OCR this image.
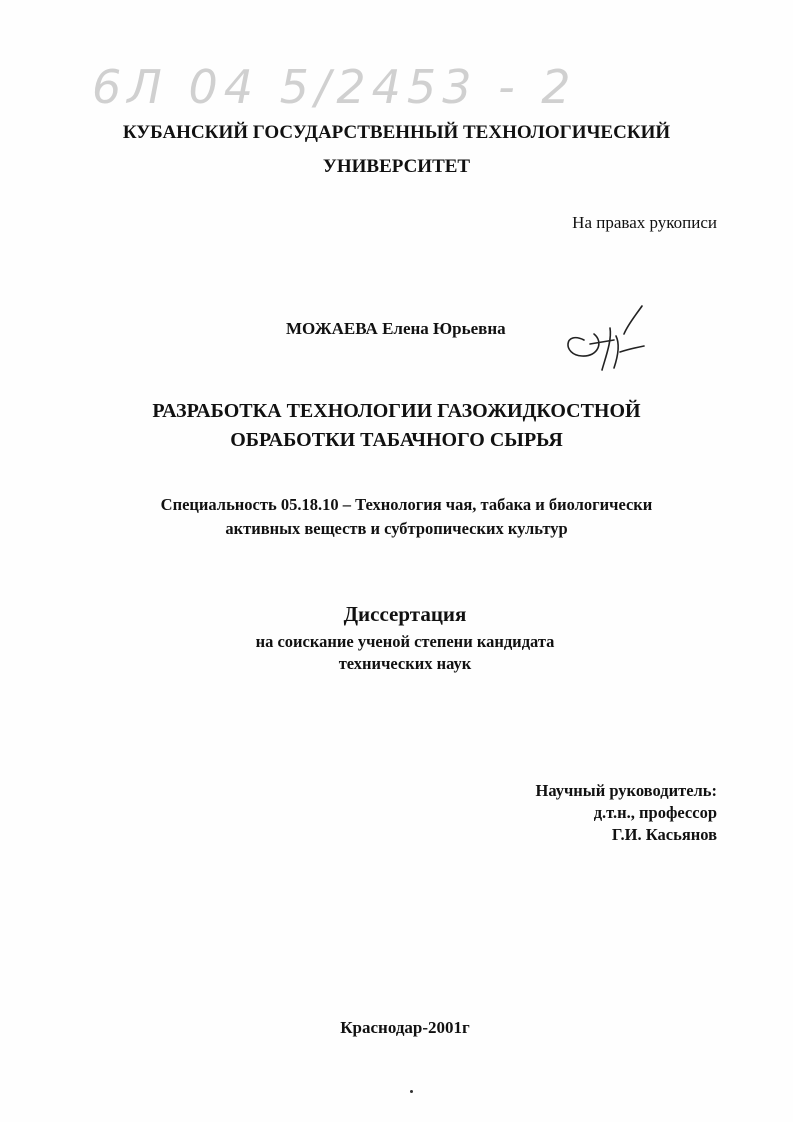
6Л 04 5/2453 - 2
КУБАНСКИЙ ГОСУДАРСТВЕННЫЙ ТЕХНОЛОГИЧЕСКИЙ
УНИВЕРСИТЕТ
На правах рукописи
МОЖАЕВА Елена Юрьевна
РАЗРАБОТКА ТЕХНОЛОГИИ ГАЗОЖИДКОСТНОЙ
ОБРАБОТКИ ТАБАЧНОГО СЫРЬЯ
Специальность 05.18.10 – Технология чая, табака и биологически
активных веществ и субтропических культур
Диссертация
на соискание ученой степени кандидата
технических наук
Научный руководитель:
д.т.н., профессор
Г.И. Касьянов
Краснодар-2001г
